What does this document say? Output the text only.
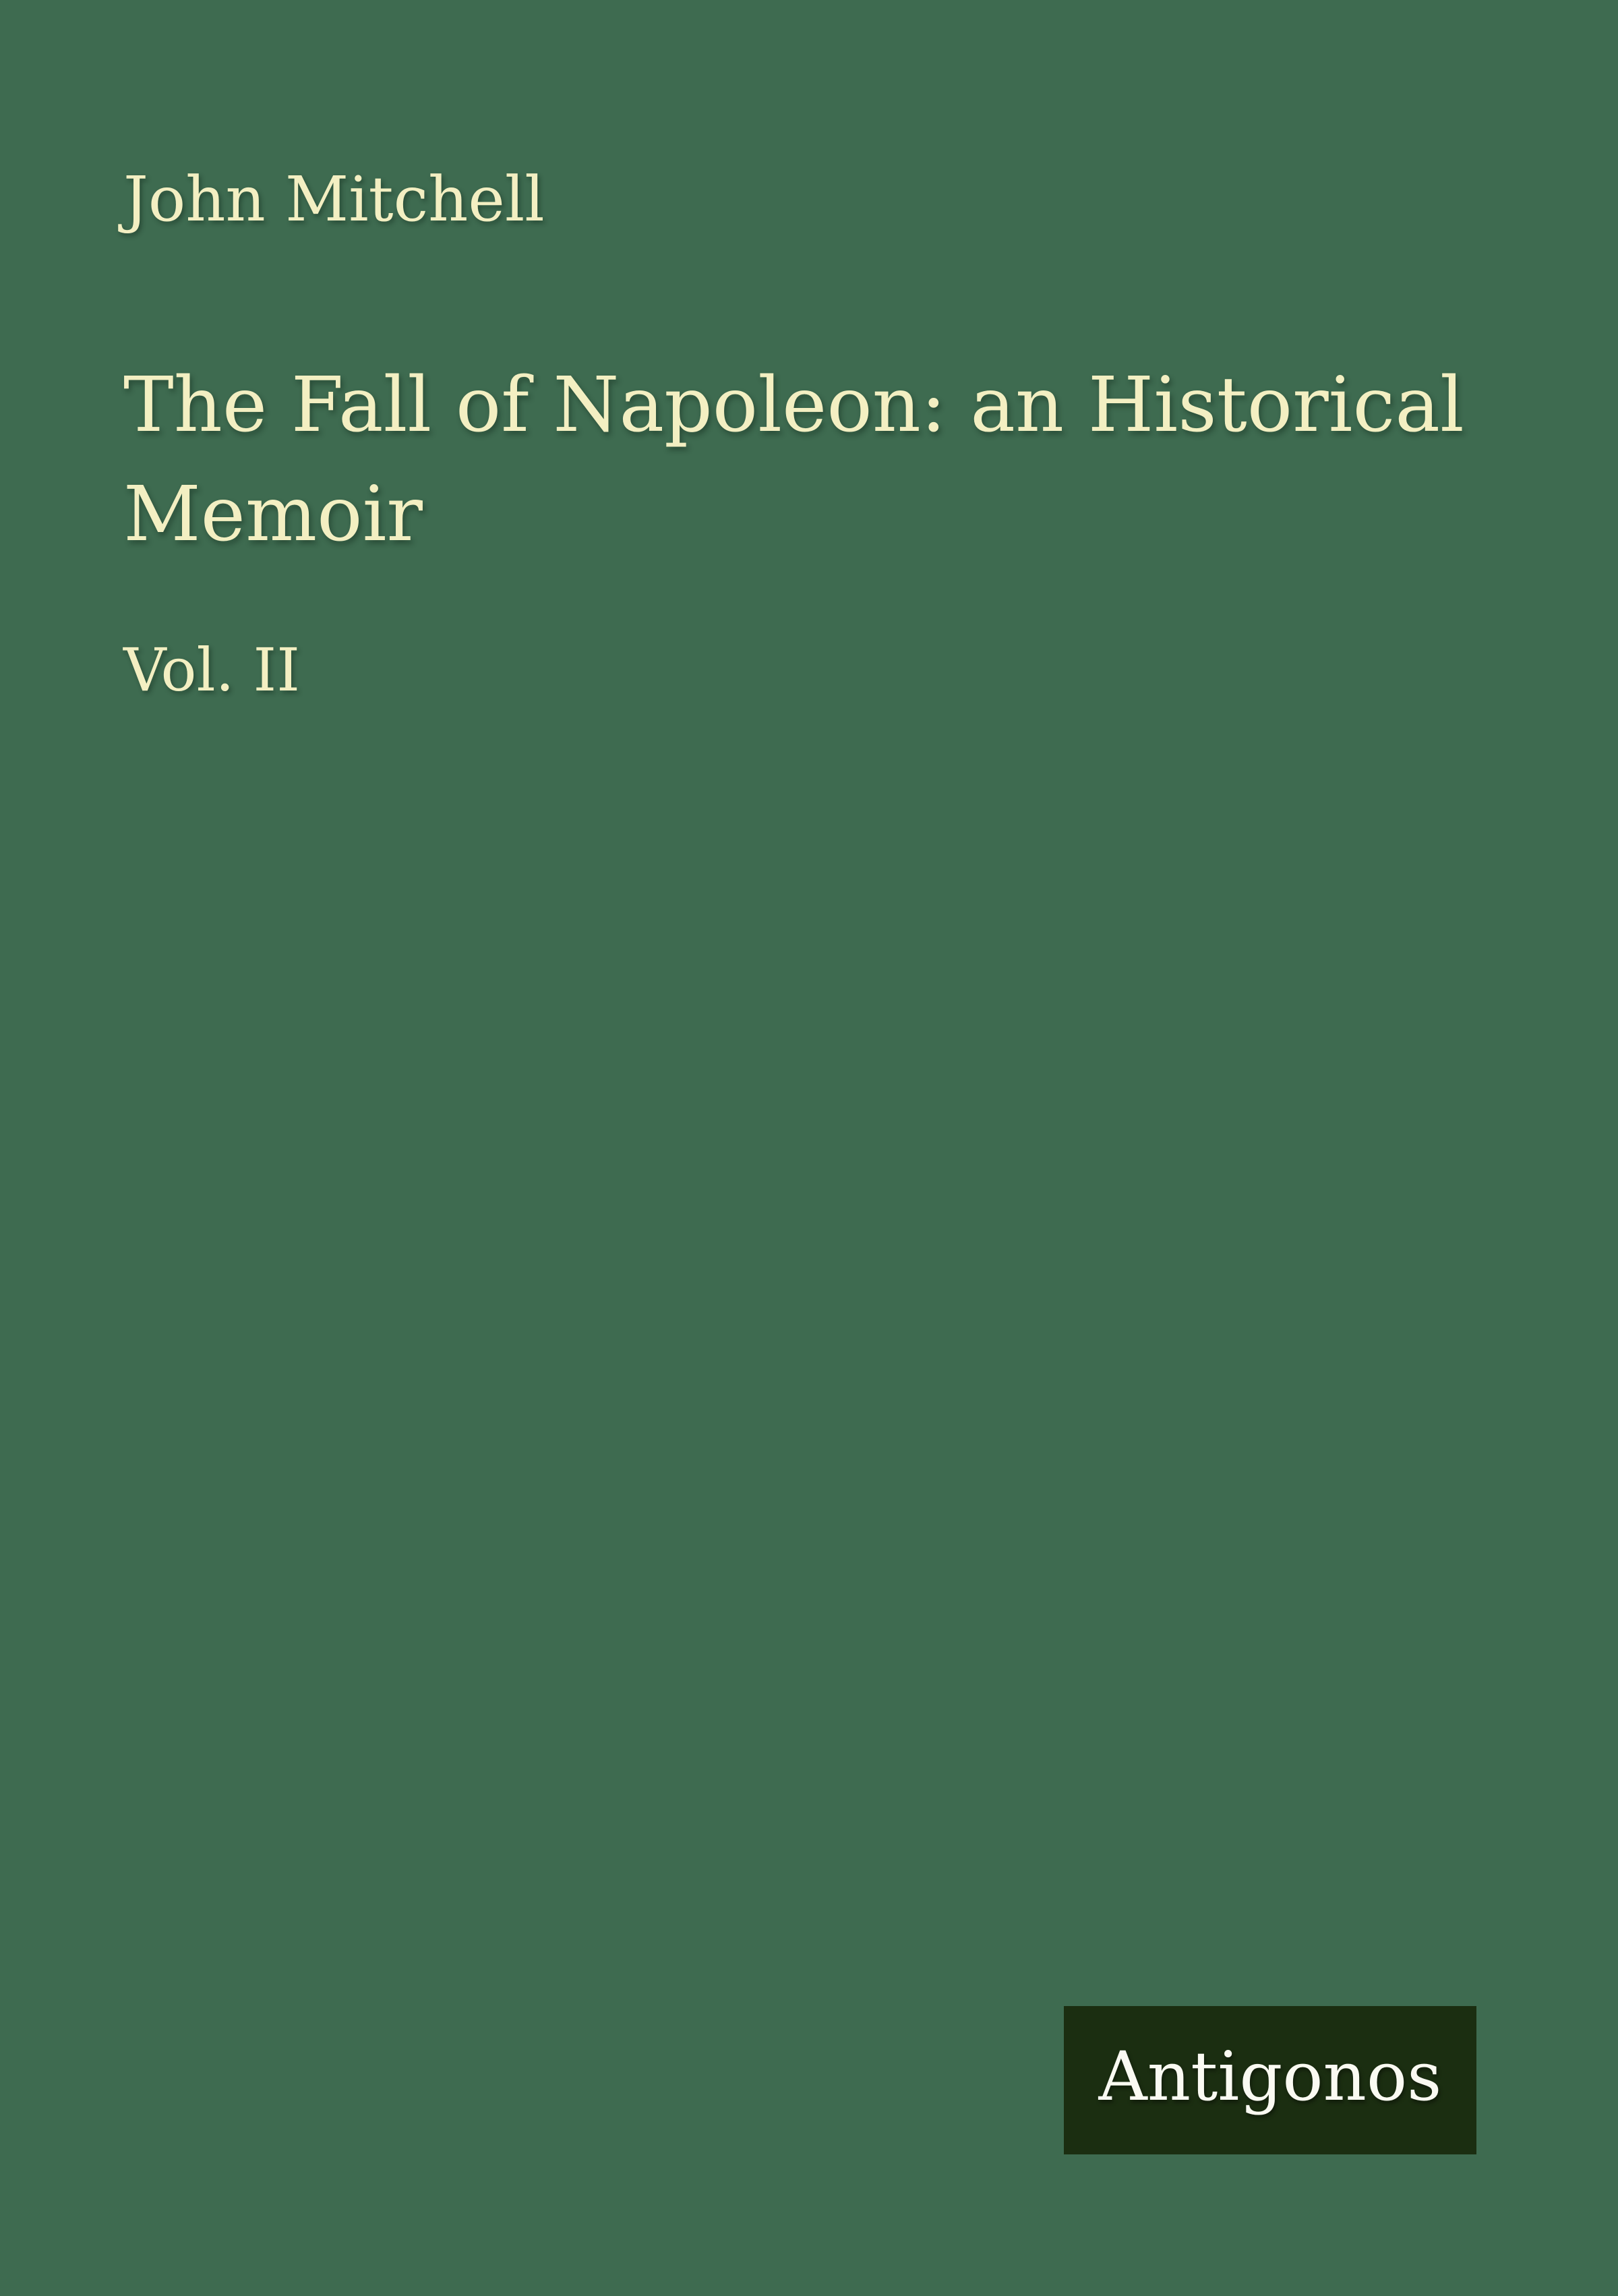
John Mitchell
The Fall of Napoleon: an Historical
Memoir
Vol. II
Antigonos
